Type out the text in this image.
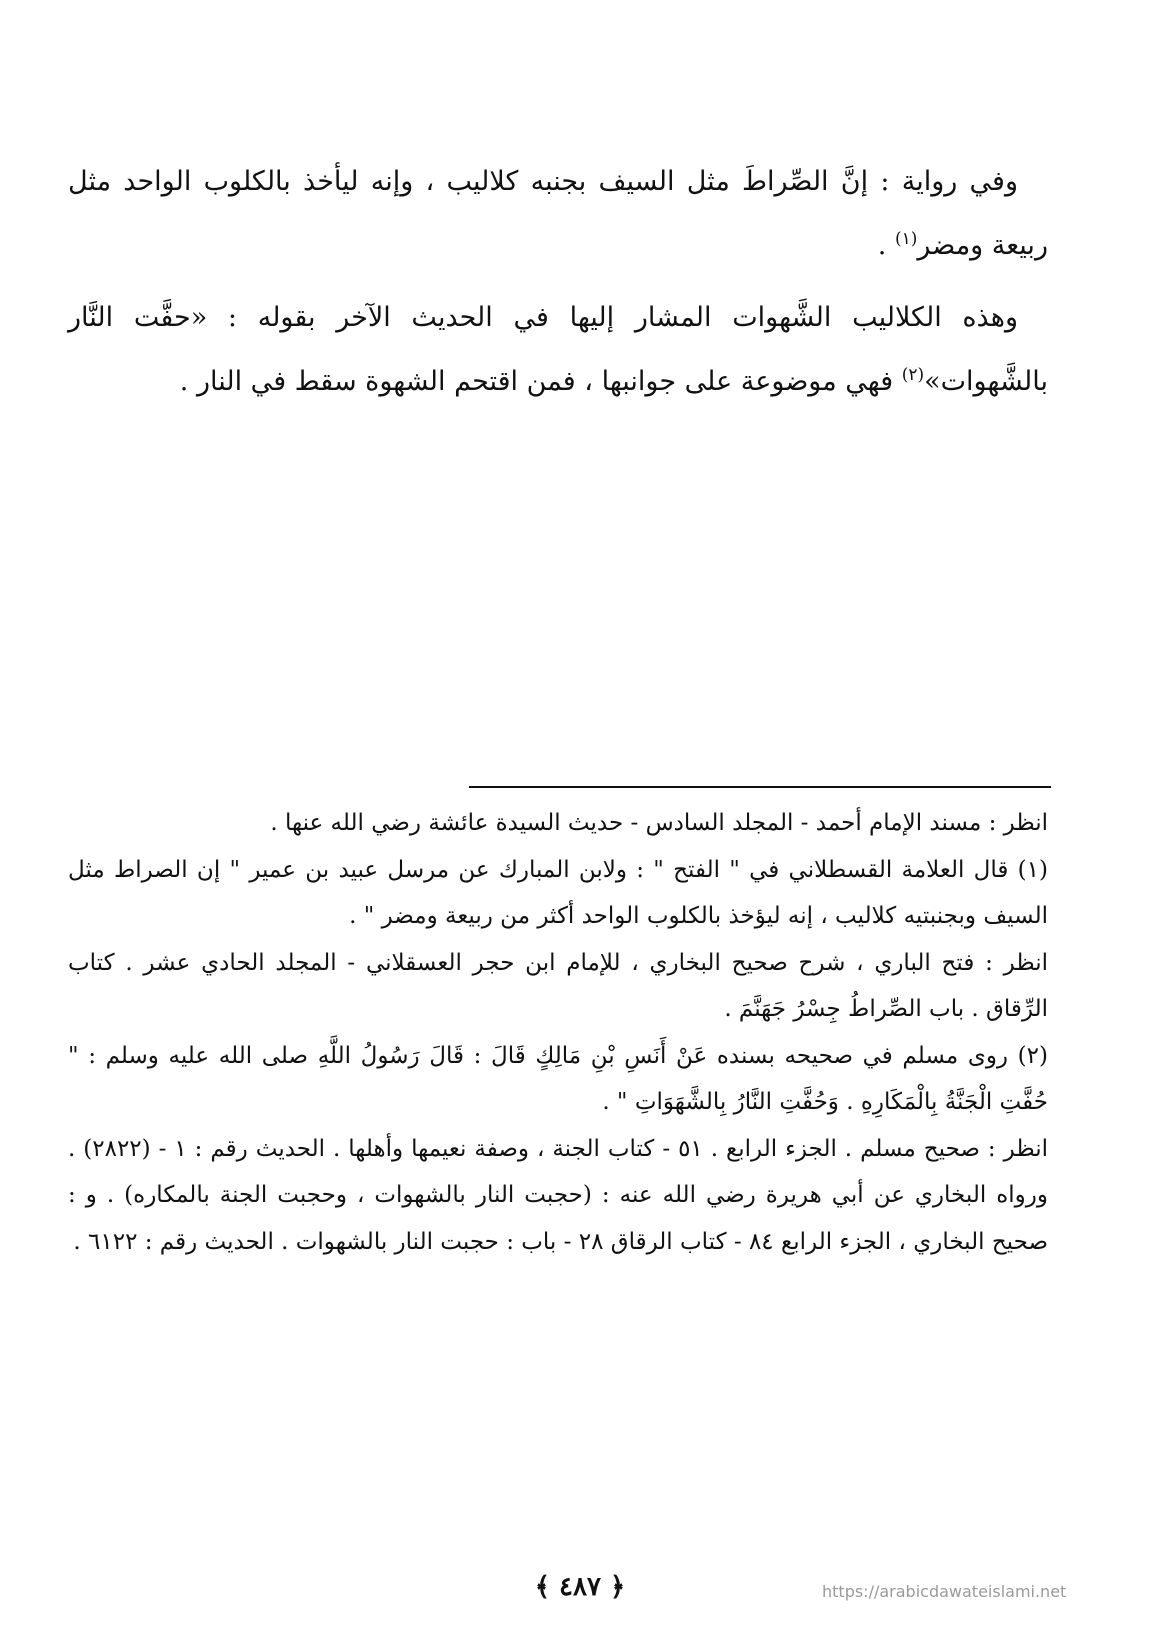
وفي رواية : إنَّ الصِّراطَ مثل السيف بجنبه كلاليب ، وإنه ليأخذ بالكلوب الواحد مثل ربيعة ومضر$^{(١)}$ .

وهذه الكلاليب الشَّهوات المشار إليها في الحديث الآخر بقوله : «حفَّت النَّار بالشَّهوات»$^{(٢)}$ فهي موضوعة على جوانبها ، فمن اقتحم الشهوة سقط في النار .

انظر : مسند الإمام أحمد - المجلد السادس - حديث السيدة عائشة رضي الله عنها .

(١) قال العلامة القسطلاني في " الفتح " : ولابن المبارك عن مرسل عبيد بن عمير " إن الصراط مثل السيف وبجنبتيه كلاليب ، إنه ليؤخذ بالكلوب الواحد أكثر من ربيعة ومضر " .

انظر : فتح الباري ، شرح صحيح البخاري ، للإمام ابن حجر العسقلاني - المجلد الحادي عشر . كتاب الرِّقاق . باب الصِّراطُ جِسْرُ جَهَنَّمَ .

(٢) روى مسلم في صحيحه بسنده عَنْ أَنَسِ بْنِ مَالِكٍ قَالَ : قَالَ رَسُولُ اللَّهِ صلى الله عليه وسلم : " حُفَّتِ الْجَنَّةُ بِالْمَكَارِهِ . وَحُفَّتِ النَّارُ بِالشَّهَوَاتِ " .

انظر : صحيح مسلم . الجزء الرابع . ٥١ - كتاب الجنة ، وصفة نعيمها وأهلها . الحديث رقم : ١ - (٢٨٢٢) . ورواه البخاري عن أبي هريرة رضي الله عنه : (حجبت النار بالشهوات ، وحجبت الجنة بالمكاره) . و : صحيح البخاري ، الجزء الرابع ٨٤ - كتاب الرقاق ٢٨ - باب : حجبت النار بالشهوات . الحديث رقم : ٦١٢٢ .

﴿ ٤٨٧ ﴾	https://arabicdawateislami.net
